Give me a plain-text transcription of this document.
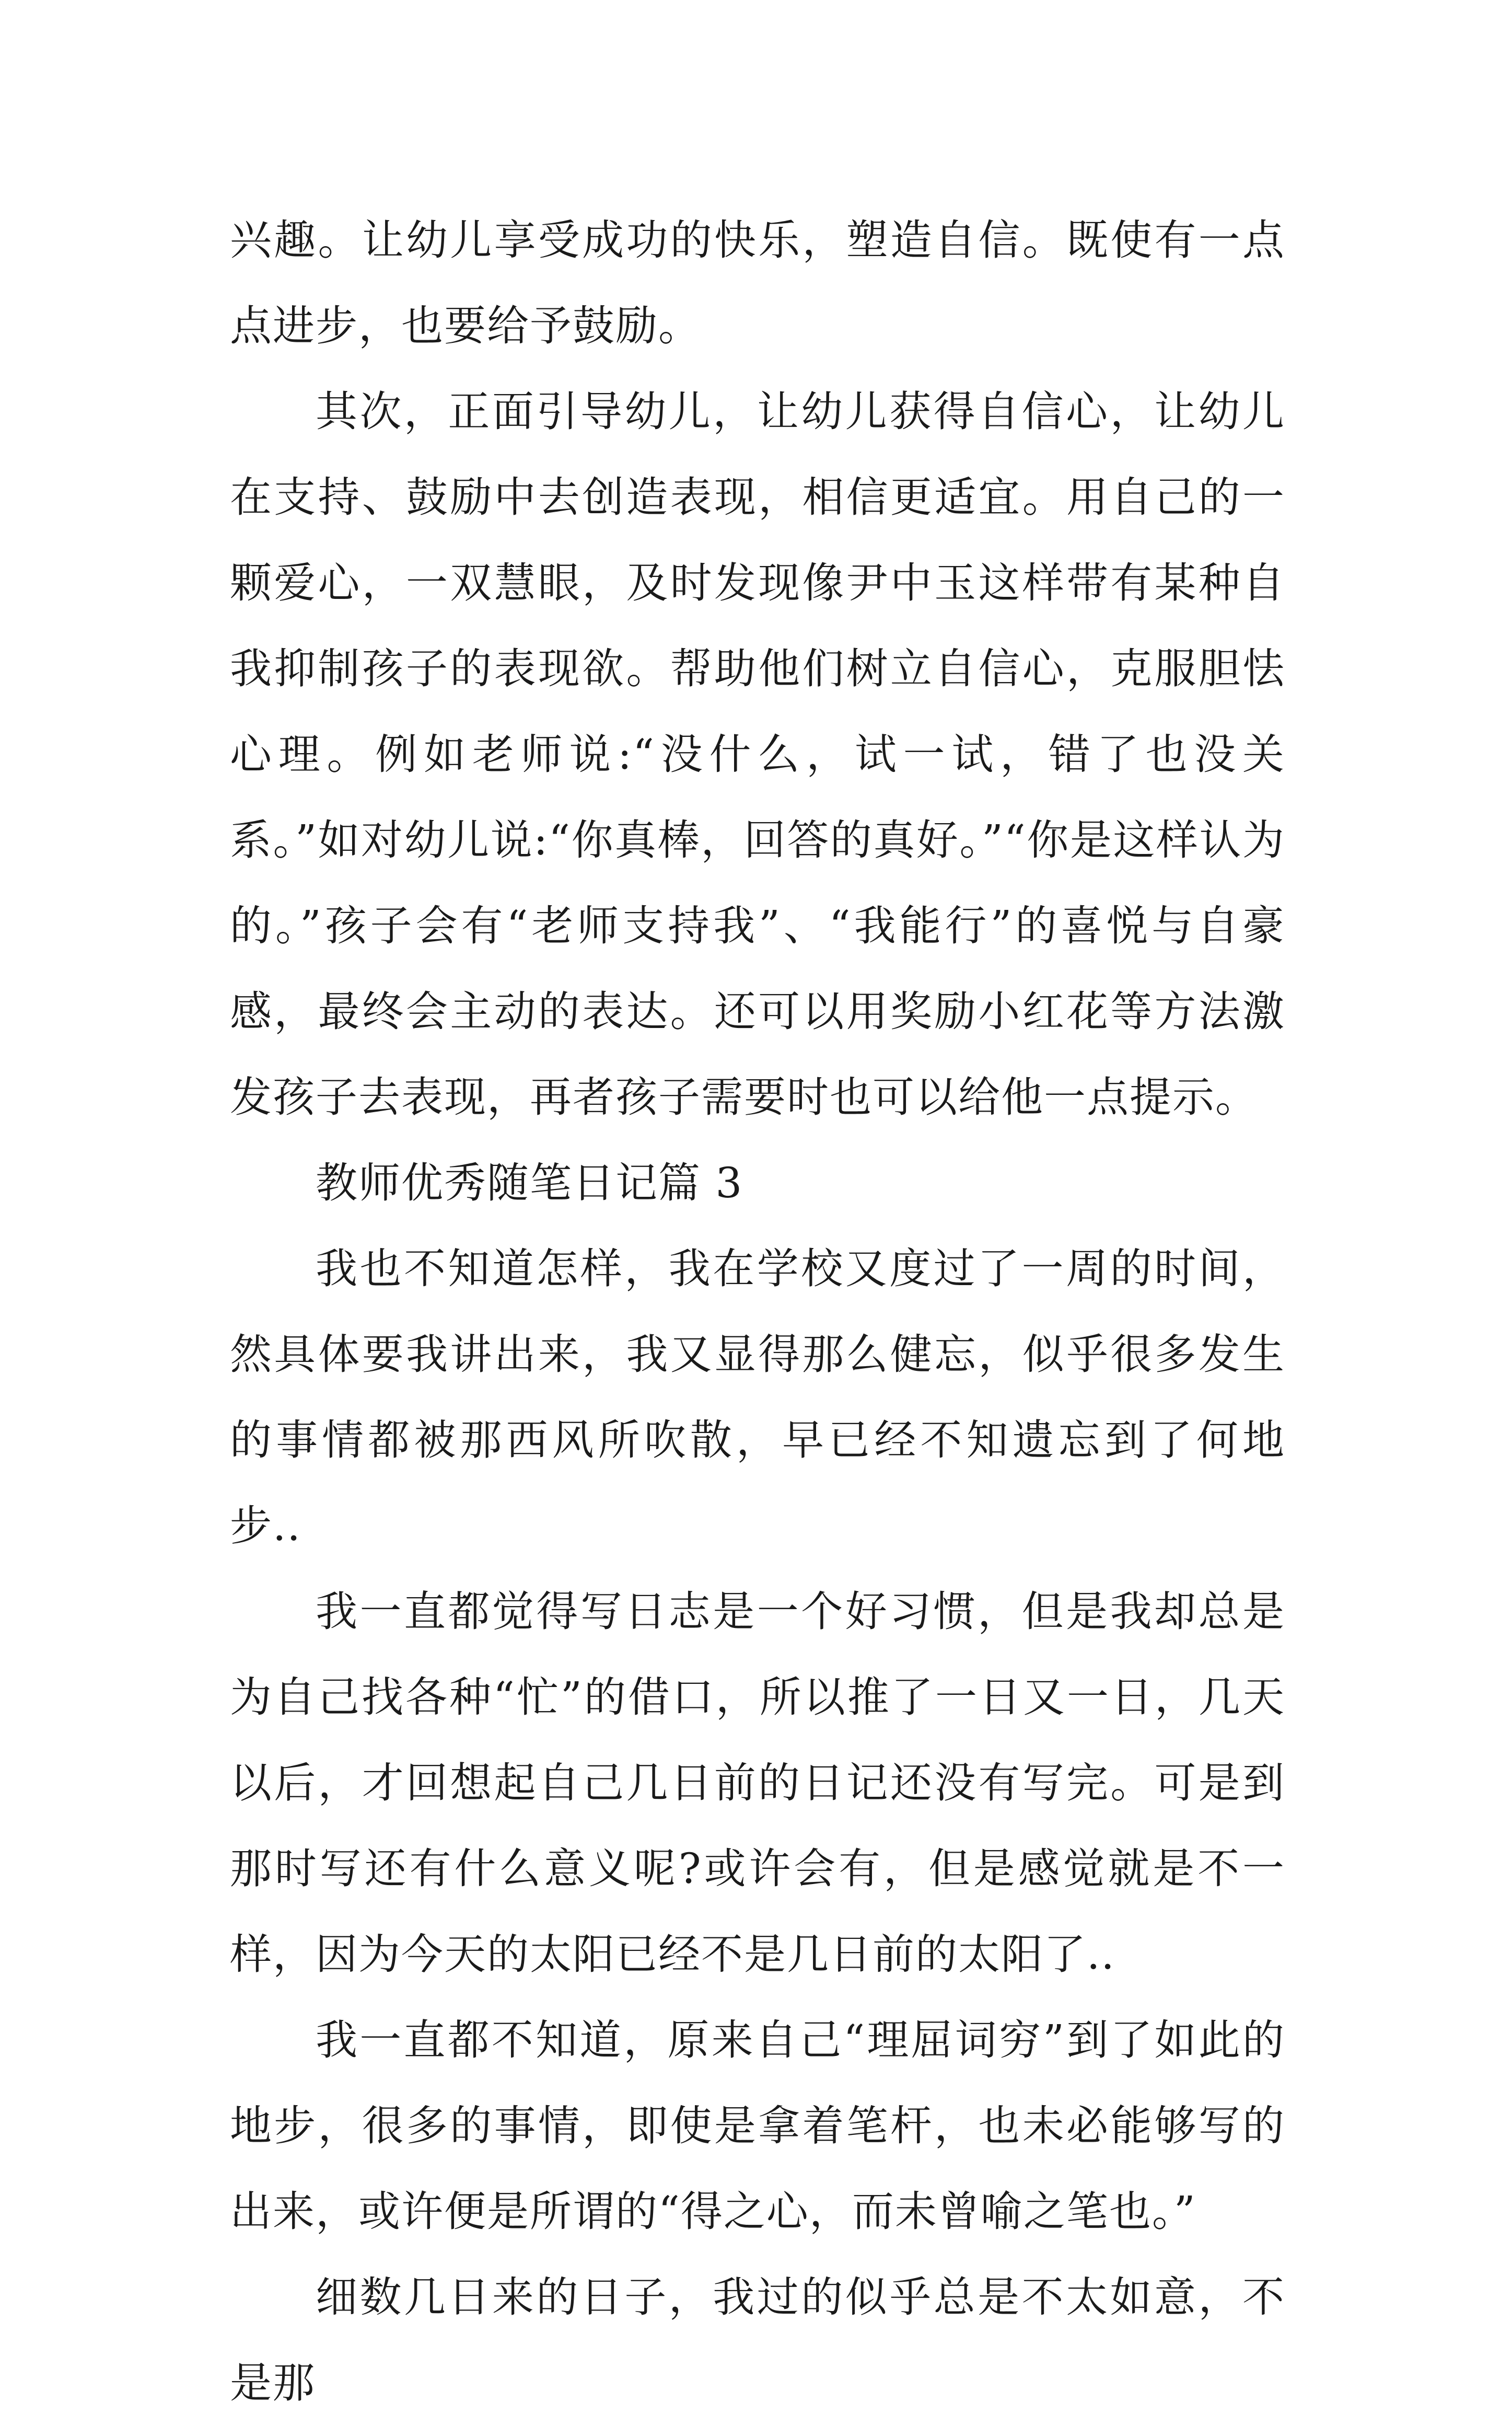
兴趣。让幼儿享受成功的快乐，塑造自信。既使有一点点进步，也要给予鼓励。

其次，正面引导幼儿，让幼儿获得自信心，让幼儿在支持、鼓励中去创造表现，相信更适宜。用自己的一颗爱心，一双慧眼，及时发现像尹中玉这样带有某种自我抑制孩子的表现欲。帮助他们树立自信心，克服胆怯心理。例如老师说:“没什么，试一试，错了也没关系。”如对幼儿说:“你真棒，回答的真好。”“你是这样认为的。”孩子会有“老师支持我”、“我能行”的喜悦与自豪感，最终会主动的表达。还可以用奖励小红花等方法激发孩子去表现，再者孩子需要时也可以给他一点提示。

教师优秀随笔日记篇 3

我也不知道怎样，我在学校又度过了一周的时间，然具体要我讲出来，我又显得那么健忘，似乎很多发生的事情都被那西风所吹散，早已经不知遗忘到了何地步..

我一直都觉得写日志是一个好习惯，但是我却总是为自己找各种“忙”的借口，所以推了一日又一日，几天以后，才回想起自己几日前的日记还没有写完。可是到那时写还有什么意义呢?或许会有，但是感觉就是不一样，因为今天的太阳已经不是几日前的太阳了..

我一直都不知道，原来自己“理屈词穷”到了如此的地步，很多的事情，即使是拿着笔杆，也未必能够写的出来，或许便是所谓的“得之心，而未曾喻之笔也。”

细数几日来的日子，我过的似乎总是不太如意，不是那
